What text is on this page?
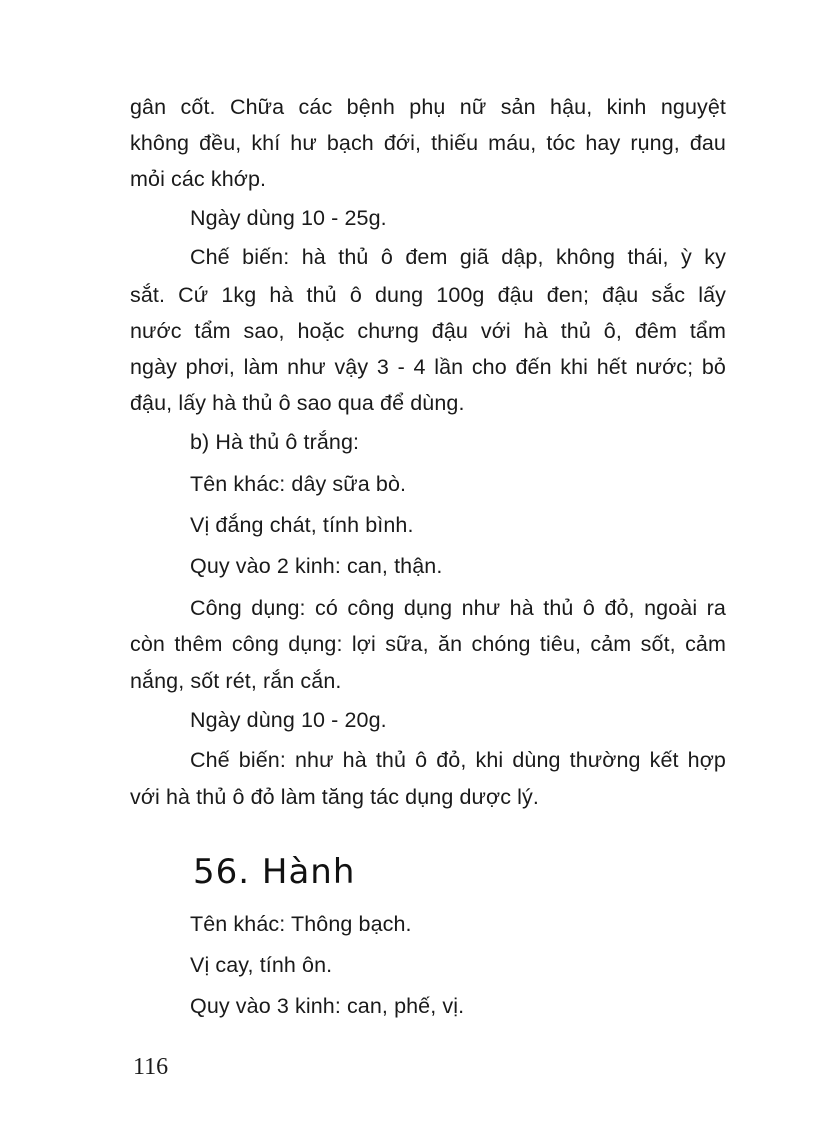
gân cốt. Chữa các bệnh phụ nữ sản hậu, kinh nguyệt
không đều, khí hư bạch đới, thiếu máu, tóc hay rụng, đau
mỏi các khớp.
Ngày dùng 10 - 25g.
Chế biến: hà thủ ô đem giã dập, không thái, ỳ ky
sắt. Cứ 1kg hà thủ ô dung 100g đậu đen; đậu sắc lấy
nước tẩm sao, hoặc chưng đậu với hà thủ ô, đêm tẩm
ngày phơi, làm như vậy 3 - 4 lần cho đến khi hết nước; bỏ
đậu, lấy hà thủ ô sao qua để dùng.
b) Hà thủ ô trắng:
Tên khác: dây sữa bò.
Vị đắng chát, tính bình.
Quy vào 2 kinh: can, thận.
Công dụng: có công dụng như hà thủ ô đỏ, ngoài ra
còn thêm công dụng: lợi sữa, ăn chóng tiêu, cảm sốt, cảm
nắng, sốt rét, rắn cắn.
Ngày dùng 10 - 20g.
Chế biến: như hà thủ ô đỏ, khi dùng thường kết hợp
với hà thủ ô đỏ làm tăng tác dụng dược lý.
56. Hành
Tên khác: Thông bạch.
Vị cay, tính ôn.
Quy vào 3 kinh: can, phế, vị.
116
